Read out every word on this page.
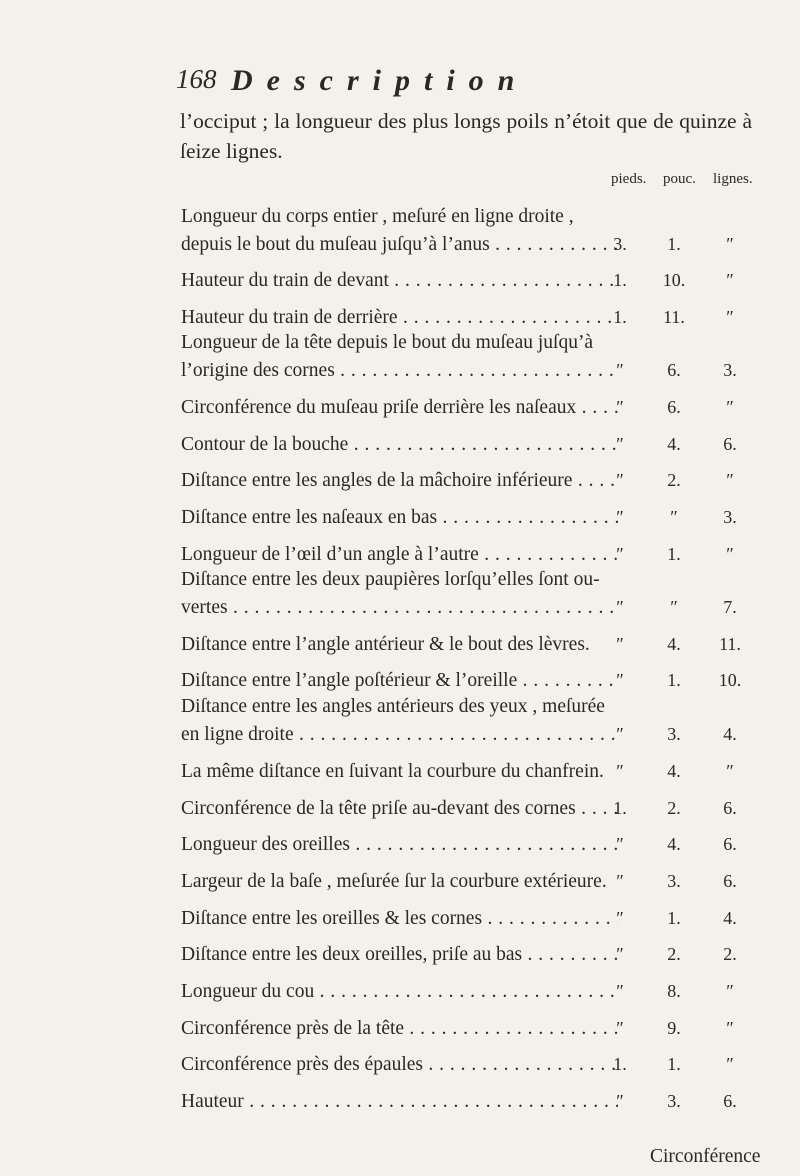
168 Description
l’occiput ; la longueur des plus longs poils n’étoit que de quinze à
ſeize lignes.
pieds. pouc. lignes.
Longueur du corps entier , meſuré en ligne droite ,
depuis le bout du muſeau juſqu’à l’anus . . .	3.	1.	″
Hauteur du train de devant . . .	1.	10.	″
Hauteur du train de derrière . . .	1.	11.	″
Longueur de la tête depuis le bout du muſeau juſqu’à
l’origine des cornes . . .	″	6.	3.
Circonférence du muſeau priſe derrière les naſeaux . . .	″	6.	″
Contour de la bouche . . .	″	4.	6.
Diſtance entre les angles de la mâchoire inférieure . . .	″	2.	″
Diſtance entre les naſeaux en bas . . .	″	″	3.
Longueur de l’œil d’un angle à l’autre . . .	″	1.	″
Diſtance entre les deux paupières lorſqu’elles ſont ou-
vertes . . .	″	″	7.
Diſtance entre l’angle antérieur & le bout des lèvres.	″	4.	11.
Diſtance entre l’angle poſtérieur & l’oreille . . .	″	1.	10.
Diſtance entre les angles antérieurs des yeux , meſurée
en ligne droite . . .	″	3.	4.
La même diſtance en ſuivant la courbure du chanfrein. ″	4.	″
Circonférence de la tête priſe au-devant des cornes . . .	1.	2.	6.
Longueur des oreilles . . .	″	4.	6.
Largeur de la baſe , meſurée ſur la courbure extérieure. ″	3.	6.
Diſtance entre les oreilles & les cornes . . .	″	1.	4.
Diſtance entre les deux oreilles, priſe au bas . . .	″	2.	2.
Longueur du cou . . .	″	8.	″
Circonférence près de la tête . . .	″	9.	″
Circonférence près des épaules . . .	1.	1.	″
Hauteur . . .	″	3.	6.
Circonférence
